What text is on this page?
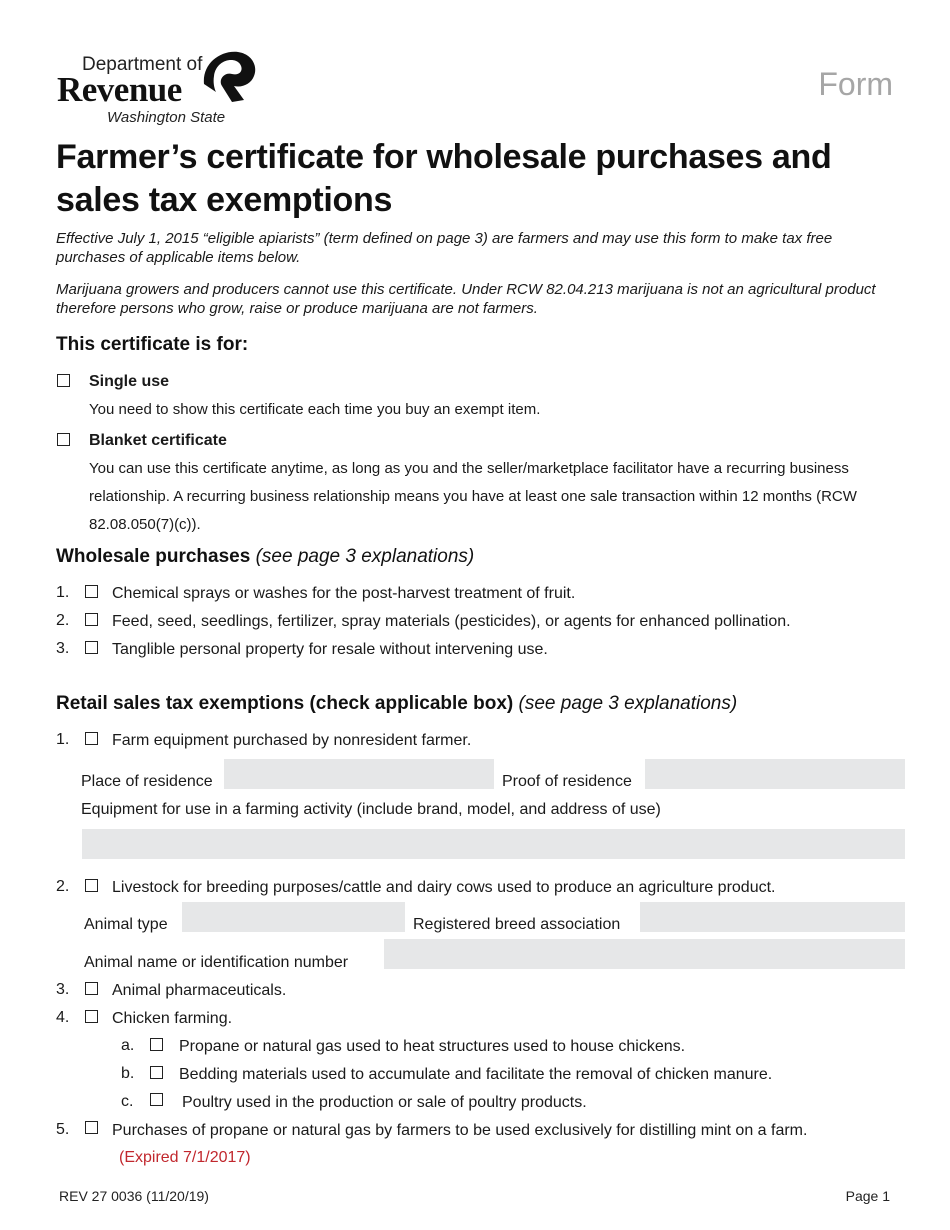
Department of
Revenue
Washington State
Form
Farmer’s certificate for wholesale purchases and sales tax exemptions
Effective July 1, 2015 “eligible apiarists” (term defined on page 3) are farmers and may use this form to make tax free purchases of applicable items below.
Marijuana growers and producers cannot use this certificate. Under RCW 82.04.213 marijuana is not an agricultural product therefore persons who grow, raise or produce marijuana are not farmers.
This certificate is for:
Single use
You need to show this certificate each time you buy an exempt item.
Blanket certificate
You can use this certificate anytime, as long as you and the seller/marketplace facilitator have a recurring business relationship. A recurring business relationship means you have at least one sale transaction within 12 months (RCW 82.08.050(7)(c)).
Wholesale purchases (see page 3 explanations)
1.	Chemical sprays or washes for the post-harvest treatment of fruit.
2.	Feed, seed, seedlings, fertilizer, spray materials (pesticides), or agents for enhanced pollination.
3.	Tanglible personal property for resale without intervening use.
Retail sales tax exemptions (check applicable box) (see page 3 explanations)
1.	Farm equipment purchased by nonresident farmer.
Place of residence	Proof of residence
Equipment for use in a farming activity (include brand, model, and address of use)
2.	Livestock for breeding purposes/cattle and dairy cows used to produce an agriculture product.
Animal type	Registered breed association
Animal name or identification number
3.	Animal pharmaceuticals.
4.	Chicken farming.
a.	Propane or natural gas used to heat structures used to house chickens.
b.	Bedding materials used to accumulate and facilitate the removal of chicken manure.
c.	Poultry used in the production or sale of poultry products.
5.	Purchases of propane or natural gas by farmers to be used exclusively for distilling mint on a farm.
(Expired 7/1/2017)
REV 27 0036 (11/20/19)	Page 1
